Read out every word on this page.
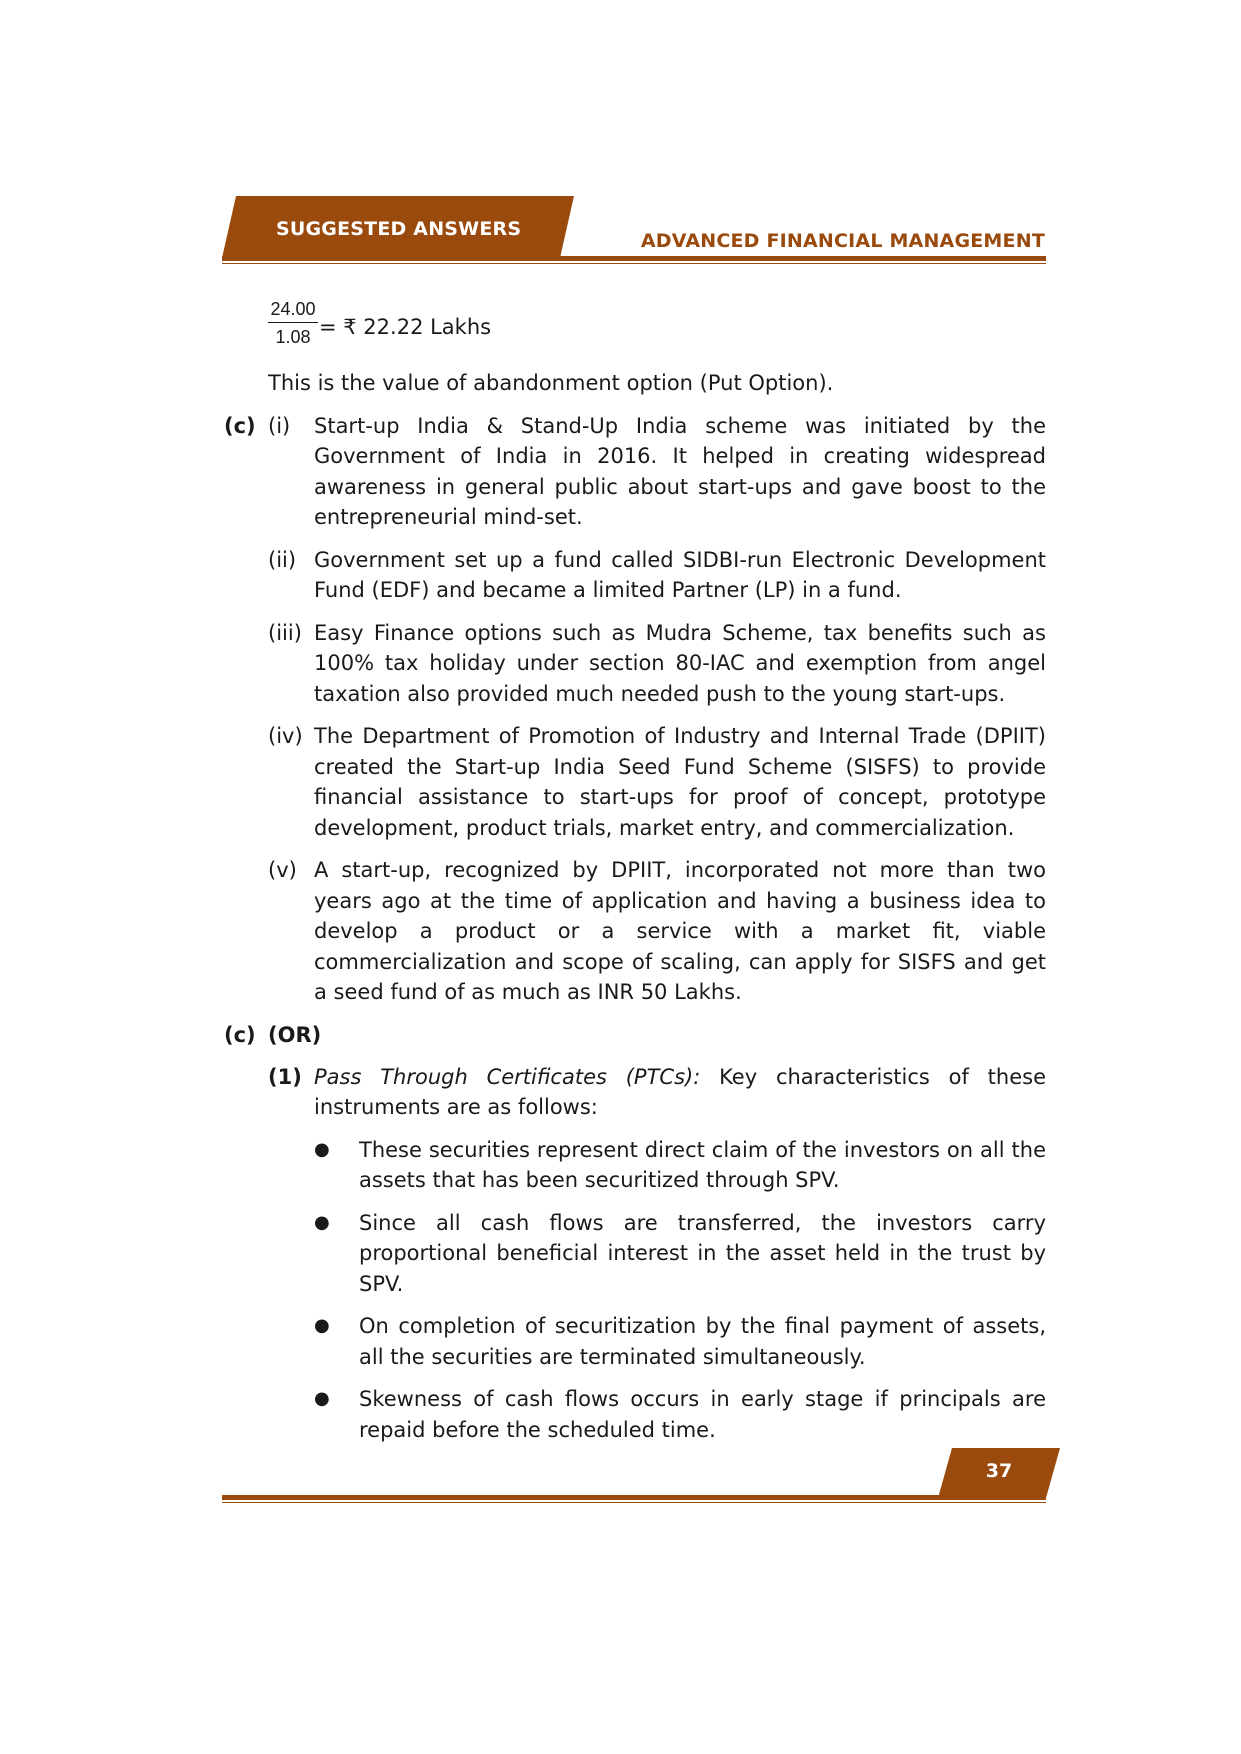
SUGGESTED ANSWERS
ADVANCED FINANCIAL MANAGEMENT
$\frac{24.00}{1.08}$ = ₹ 22.22 Lakhs
This is the value of abandonment option (Put Option).
(c) (i) Start-up India & Stand-Up India scheme was initiated by the Government of India in 2016. It helped in creating widespread awareness in general public about start-ups and gave boost to the entrepreneurial mind-set.
(ii) Government set up a fund called SIDBI-run Electronic Development Fund (EDF) and became a limited Partner (LP) in a fund.
(iii) Easy Finance options such as Mudra Scheme, tax benefits such as 100% tax holiday under section 80-IAC and exemption from angel taxation also provided much needed push to the young start-ups.
(iv) The Department of Promotion of Industry and Internal Trade (DPIIT) created the Start-up India Seed Fund Scheme (SISFS) to provide financial assistance to start-ups for proof of concept, prototype development, product trials, market entry, and commercialization.
(v) A start-up, recognized by DPIIT, incorporated not more than two years ago at the time of application and having a business idea to develop a product or a service with a market fit, viable commercialization and scope of scaling, can apply for SISFS and get a seed fund of as much as INR 50 Lakhs.
(c) (OR)
(1) Pass Through Certificates (PTCs): Key characteristics of these instruments are as follows:
● These securities represent direct claim of the investors on all the assets that has been securitized through SPV.
● Since all cash flows are transferred, the investors carry proportional beneficial interest in the asset held in the trust by SPV.
● On completion of securitization by the final payment of assets, all the securities are terminated simultaneously.
● Skewness of cash flows occurs in early stage if principals are repaid before the scheduled time.
37
